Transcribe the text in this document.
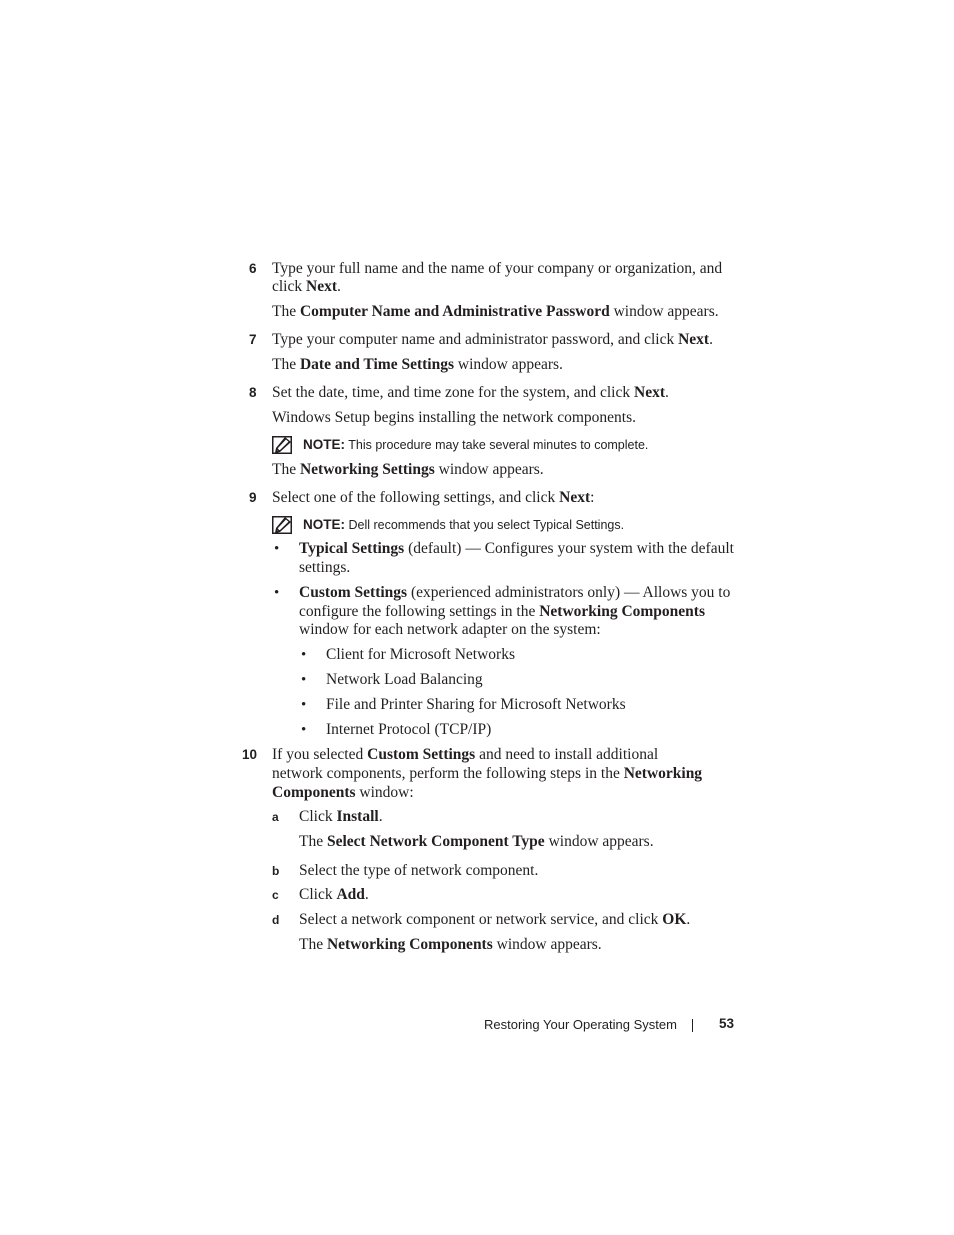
6 Type your full name and the name of your company or organization, and
click Next.
The Computer Name and Administrative Password window appears.
7 Type your computer name and administrator password, and click Next.
The Date and Time Settings window appears.
8 Set the date, time, and time zone for the system, and click Next.
Windows Setup begins installing the network components.
NOTE: This procedure may take several minutes to complete.
The Networking Settings window appears.
9 Select one of the following settings, and click Next:
NOTE: Dell recommends that you select Typical Settings.
• Typical Settings (default) — Configures your system with the default
settings.
• Custom Settings (experienced administrators only) — Allows you to
configure the following settings in the Networking Components
window for each network adapter on the system:
• Client for Microsoft Networks
• Network Load Balancing
• File and Printer Sharing for Microsoft Networks
• Internet Protocol (TCP/IP)
10 If you selected Custom Settings and need to install additional
network components, perform the following steps in the Networking
Components window:
a Click Install.
The Select Network Component Type window appears.
b Select the type of network component.
c Click Add.
d Select a network component or network service, and click OK.
The Networking Components window appears.
Restoring Your Operating System	53
